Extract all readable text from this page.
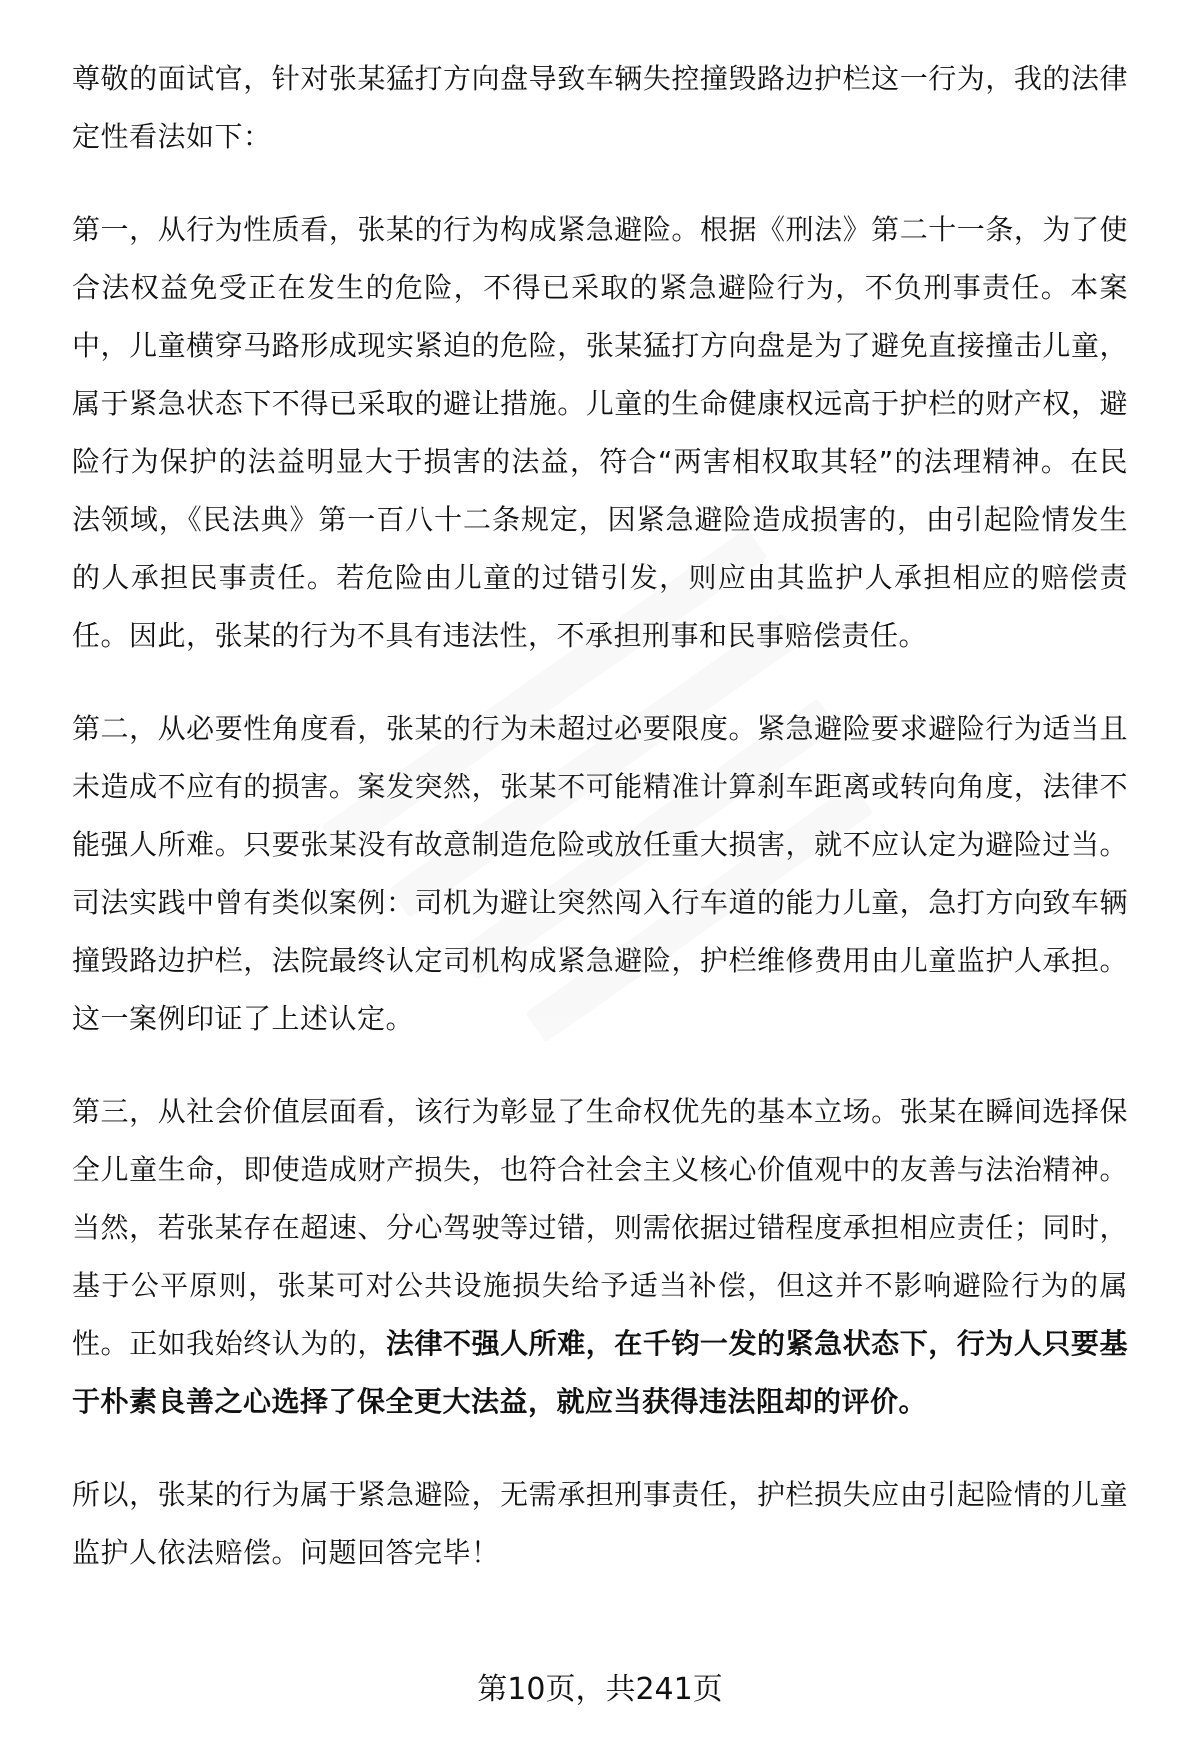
尊敬的面试官，针对张某猛打方向盘导致车辆失控撞毁路边护栏这一行为，我的法律定性看法如下：

第一，从行为性质看，张某的行为构成紧急避险。根据《刑法》第二十一条，为了使合法权益免受正在发生的危险，不得已采取的紧急避险行为，不负刑事责任。本案中，儿童横穿马路形成现实紧迫的危险，张某猛打方向盘是为了避免直接撞击儿童，属于紧急状态下不得已采取的避让措施。儿童的生命健康权远高于护栏的财产权，避险行为保护的法益明显大于损害的法益，符合“两害相权取其轻”的法理精神。在民法领域，《民法典》第一百八十二条规定，因紧急避险造成损害的，由引起险情发生的人承担民事责任。若危险由儿童的过错引发，则应由其监护人承担相应的赔偿责任。因此，张某的行为不具有违法性，不承担刑事和民事赔偿责任。

第二，从必要性角度看，张某的行为未超过必要限度。紧急避险要求避险行为适当且未造成不应有的损害。案发突然，张某不可能精准计算刹车距离或转向角度，法律不能强人所难。只要张某没有故意制造危险或放任重大损害，就不应认定为避险过当。司法实践中曾有类似案例：司机为避让突然闯入行车道的能力儿童，急打方向致车辆撞毁路边护栏，法院最终认定司机构成紧急避险，护栏维修费用由儿童监护人承担。这一案例印证了上述认定。

第三，从社会价值层面看，该行为彰显了生命权优先的基本立场。张某在瞬间选择保全儿童生命，即使造成财产损失，也符合社会主义核心价值观中的友善与法治精神。当然，若张某存在超速、分心驾驶等过错，则需依据过错程度承担相应责任；同时，基于公平原则，张某可对公共设施损失给予适当补偿，但这并不影响避险行为的属性。正如我始终认为的，法律不强人所难，在千钧一发的紧急状态下，行为人只要基于朴素良善之心选择了保全更大法益，就应当获得违法阻却的评价。

所以，张某的行为属于紧急避险，无需承担刑事责任，护栏损失应由引起险情的儿童监护人依法赔偿。问题回答完毕！

第10页，共241页
